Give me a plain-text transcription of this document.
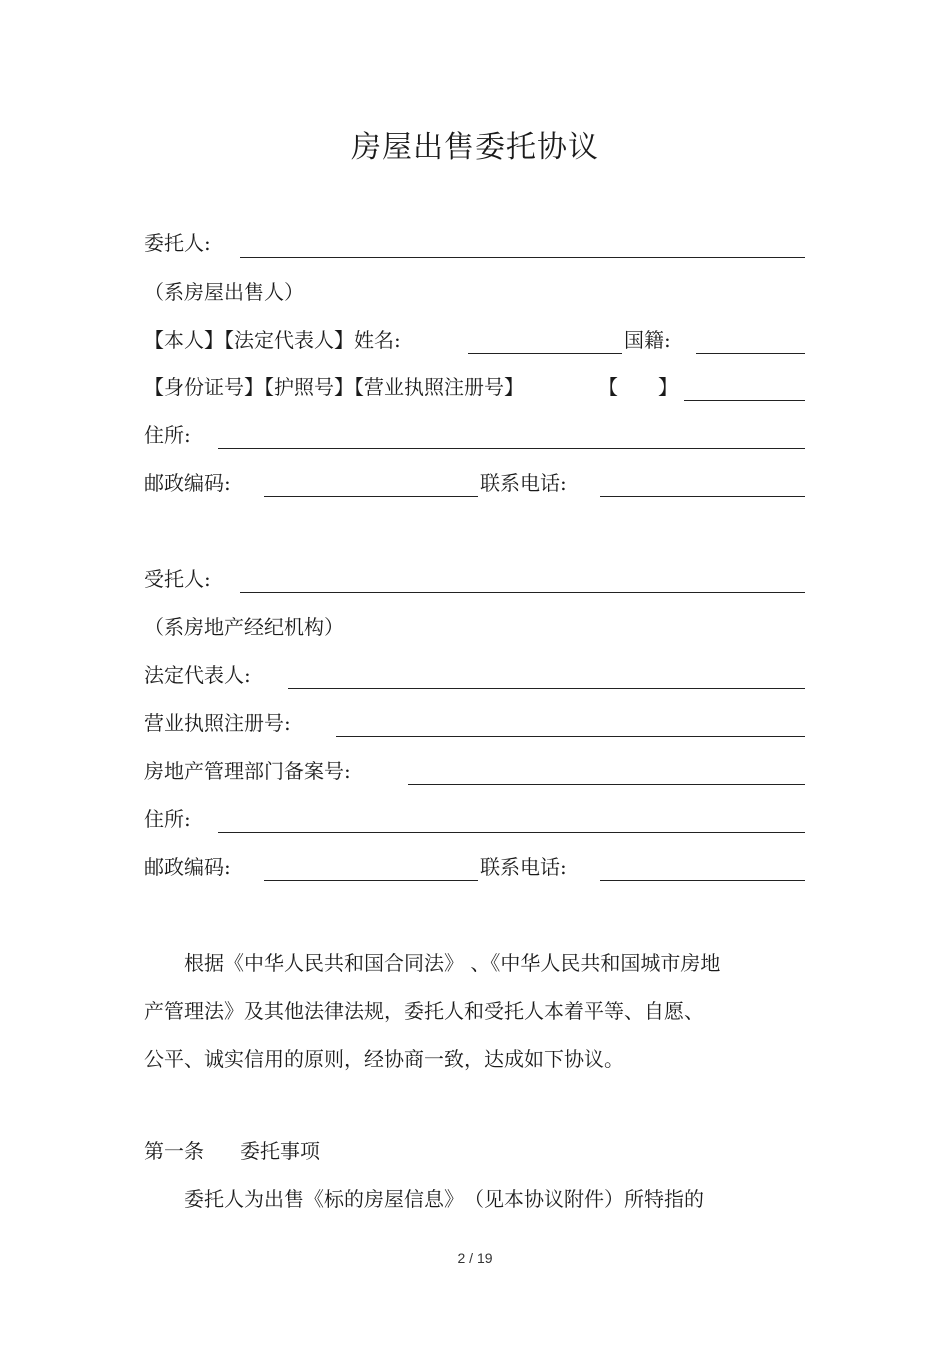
房屋出售委托协议
委托人:
（系房屋出售人）
【本人】【法定代表人】姓名:	国籍:
【身份证号】【护照号】【营业执照注册号】	【　　】
住所:
邮政编码:	联系电话:
受托人:
（系房地产经纪机构）
法定代表人:
营业执照注册号:
房地产管理部门备案号:
住所:
邮政编码:	联系电话:
　　根据《中华人民共和国合同法》 、《中华人民共和国城市房地
产管理法》及其他法律法规，委托人和受托人本着平等、自愿、
公平、诚实信用的原则，经协商一致，达成如下协议。
第一条 委托事项
　　委托人为出售《标的房屋信息》　（见本协议附件）所特指的
2 / 19
